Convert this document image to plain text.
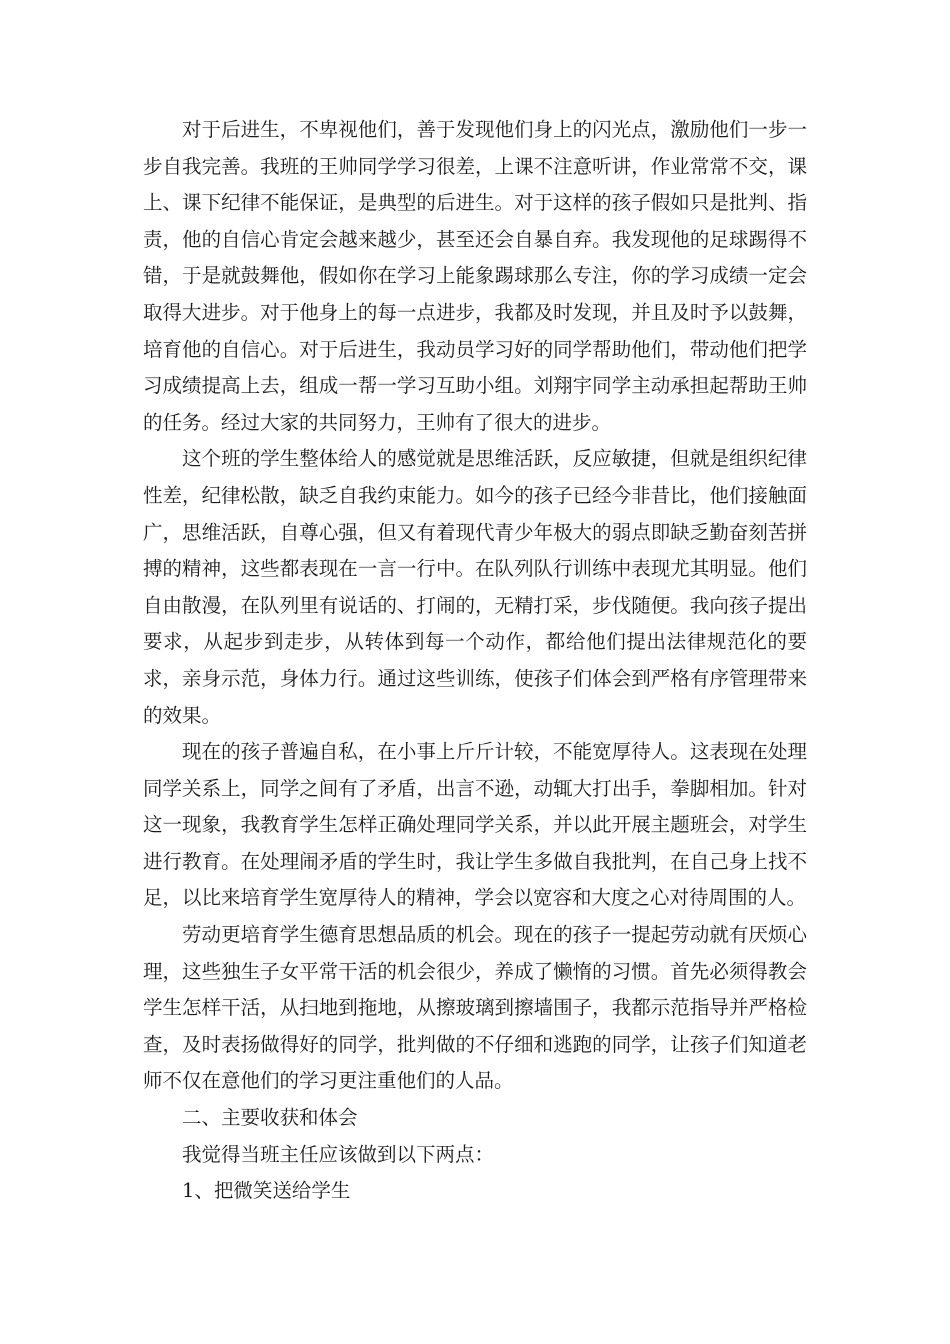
对于后进生，不卑视他们，善于发现他们身上的闪光点，激励他们一步一步自我完善。我班的王帅同学学习很差，上课不注意听讲，作业常常不交，课上、课下纪律不能保证，是典型的后进生。对于这样的孩子假如只是批判、指责，他的自信心肯定会越来越少，甚至还会自暴自弃。我发现他的足球踢得不错，于是就鼓舞他，假如你在学习上能象踢球那么专注，你的学习成绩一定会取得大进步。对于他身上的每一点进步，我都及时发现，并且及时予以鼓舞，培育他的自信心。对于后进生，我动员学习好的同学帮助他们，带动他们把学习成绩提高上去，组成一帮一学习互助小组。刘翔宇同学主动承担起帮助王帅的任务。经过大家的共同努力，王帅有了很大的进步。

这个班的学生整体给人的感觉就是思维活跃，反应敏捷，但就是组织纪律性差，纪律松散，缺乏自我约束能力。如今的孩子已经今非昔比，他们接触面广，思维活跃，自尊心强，但又有着现代青少年极大的弱点即缺乏勤奋刻苦拼搏的精神，这些都表现在一言一行中。在队列队行训练中表现尤其明显。他们自由散漫，在队列里有说话的、打闹的，无精打采，步伐随便。我向孩子提出要求，从起步到走步，从转体到每一个动作，都给他们提出法律规范化的要求，亲身示范，身体力行。通过这些训练，使孩子们体会到严格有序管理带来的效果。

现在的孩子普遍自私，在小事上斤斤计较，不能宽厚待人。这表现在处理同学关系上，同学之间有了矛盾，出言不逊，动辄大打出手，拳脚相加。针对这一现象，我教育学生怎样正确处理同学关系，并以此开展主题班会，对学生进行教育。在处理闹矛盾的学生时，我让学生多做自我批判，在自己身上找不足，以比来培育学生宽厚待人的精神，学会以宽容和大度之心对待周围的人。

劳动更培育学生德育思想品质的机会。现在的孩子一提起劳动就有厌烦心理，这些独生子女平常干活的机会很少，养成了懒惰的习惯。首先必须得教会学生怎样干活，从扫地到拖地，从擦玻璃到擦墙围子，我都示范指导并严格检查，及时表扬做得好的同学，批判做的不仔细和逃跑的同学，让孩子们知道老师不仅在意他们的学习更注重他们的人品。

二、主要收获和体会

我觉得当班主任应该做到以下两点：

1、把微笑送给学生
